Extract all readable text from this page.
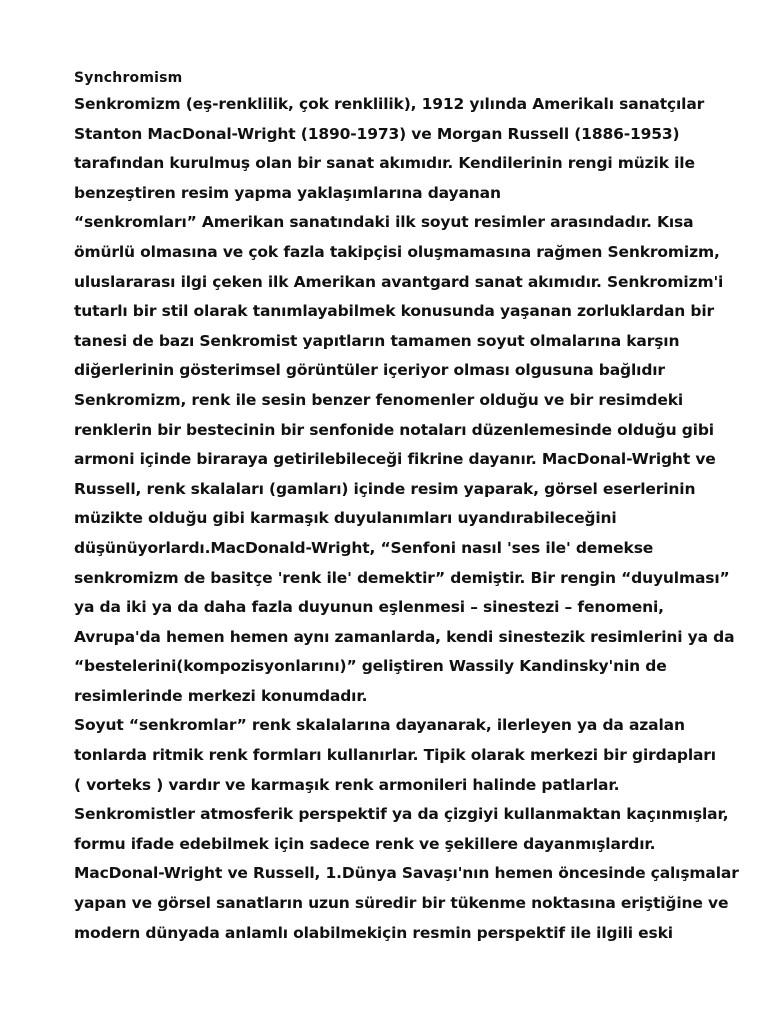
Synchromism
Senkromizm (eş-renklilik, çok renklilik), 1912 yılında Amerikalı sanatçılar
Stanton MacDonal-Wright (1890-1973) ve Morgan Russell (1886-1953)
tarafından kurulmuş olan bir sanat akımıdır. Kendilerinin rengi müzik ile
benzeştiren resim yapma yaklaşımlarına dayanan
“senkromları” Amerikan sanatındaki ilk soyut resimler arasındadır. Kısa
ömürlü olmasına ve çok fazla takipçisi oluşmamasına rağmen Senkromizm,
uluslararası ilgi çeken ilk Amerikan avantgard sanat akımıdır. Senkromizm'i
tutarlı bir stil olarak tanımlayabilmek konusunda yaşanan zorluklardan bir
tanesi de bazı Senkromist yapıtların tamamen soyut olmalarına karşın
diğerlerinin gösterimsel görüntüler içeriyor olması olgusuna bağlıdır
Senkromizm, renk ile sesin benzer fenomenler olduğu ve bir resimdeki
renklerin bir bestecinin bir senfonide notaları düzenlemesinde olduğu gibi
armoni içinde biraraya getirilebileceği fikrine dayanır. MacDonal-Wright ve
Russell, renk skalaları (gamları) içinde resim yaparak, görsel eserlerinin
müzikte olduğu gibi karmaşık duyulanımları uyandırabileceğini
düşünüyorlardı.MacDonald-Wright, “Senfoni nasıl 'ses ile' demekse
senkromizm de basitçe 'renk ile' demektir” demiştir. Bir rengin “duyulması”
ya da iki ya da daha fazla duyunun eşlenmesi – sinestezi – fenomeni,
Avrupa'da hemen hemen aynı zamanlarda, kendi sinestezik resimlerini ya da
“bestelerini(kompozisyonlarını)” geliştiren Wassily Kandinsky'nin de
resimlerinde merkezi konumdadır.
Soyut “senkromlar” renk skalalarına dayanarak, ilerleyen ya da azalan
tonlarda ritmik renk formları kullanırlar. Tipik olarak merkezi bir girdapları
( vorteks ) vardır ve karmaşık renk armonileri halinde patlarlar.
Senkromistler atmosferik perspektif ya da çizgiyi kullanmaktan kaçınmışlar,
formu ifade edebilmek için sadece renk ve şekillere dayanmışlardır.
MacDonal-Wright ve Russell, 1.Dünya Savaşı'nın hemen öncesinde çalışmalar
yapan ve görsel sanatların uzun süredir bir tükenme noktasına eriştiğine ve
modern dünyada anlamlı olabilmekiçin resmin perspektif ile ilgili eski
